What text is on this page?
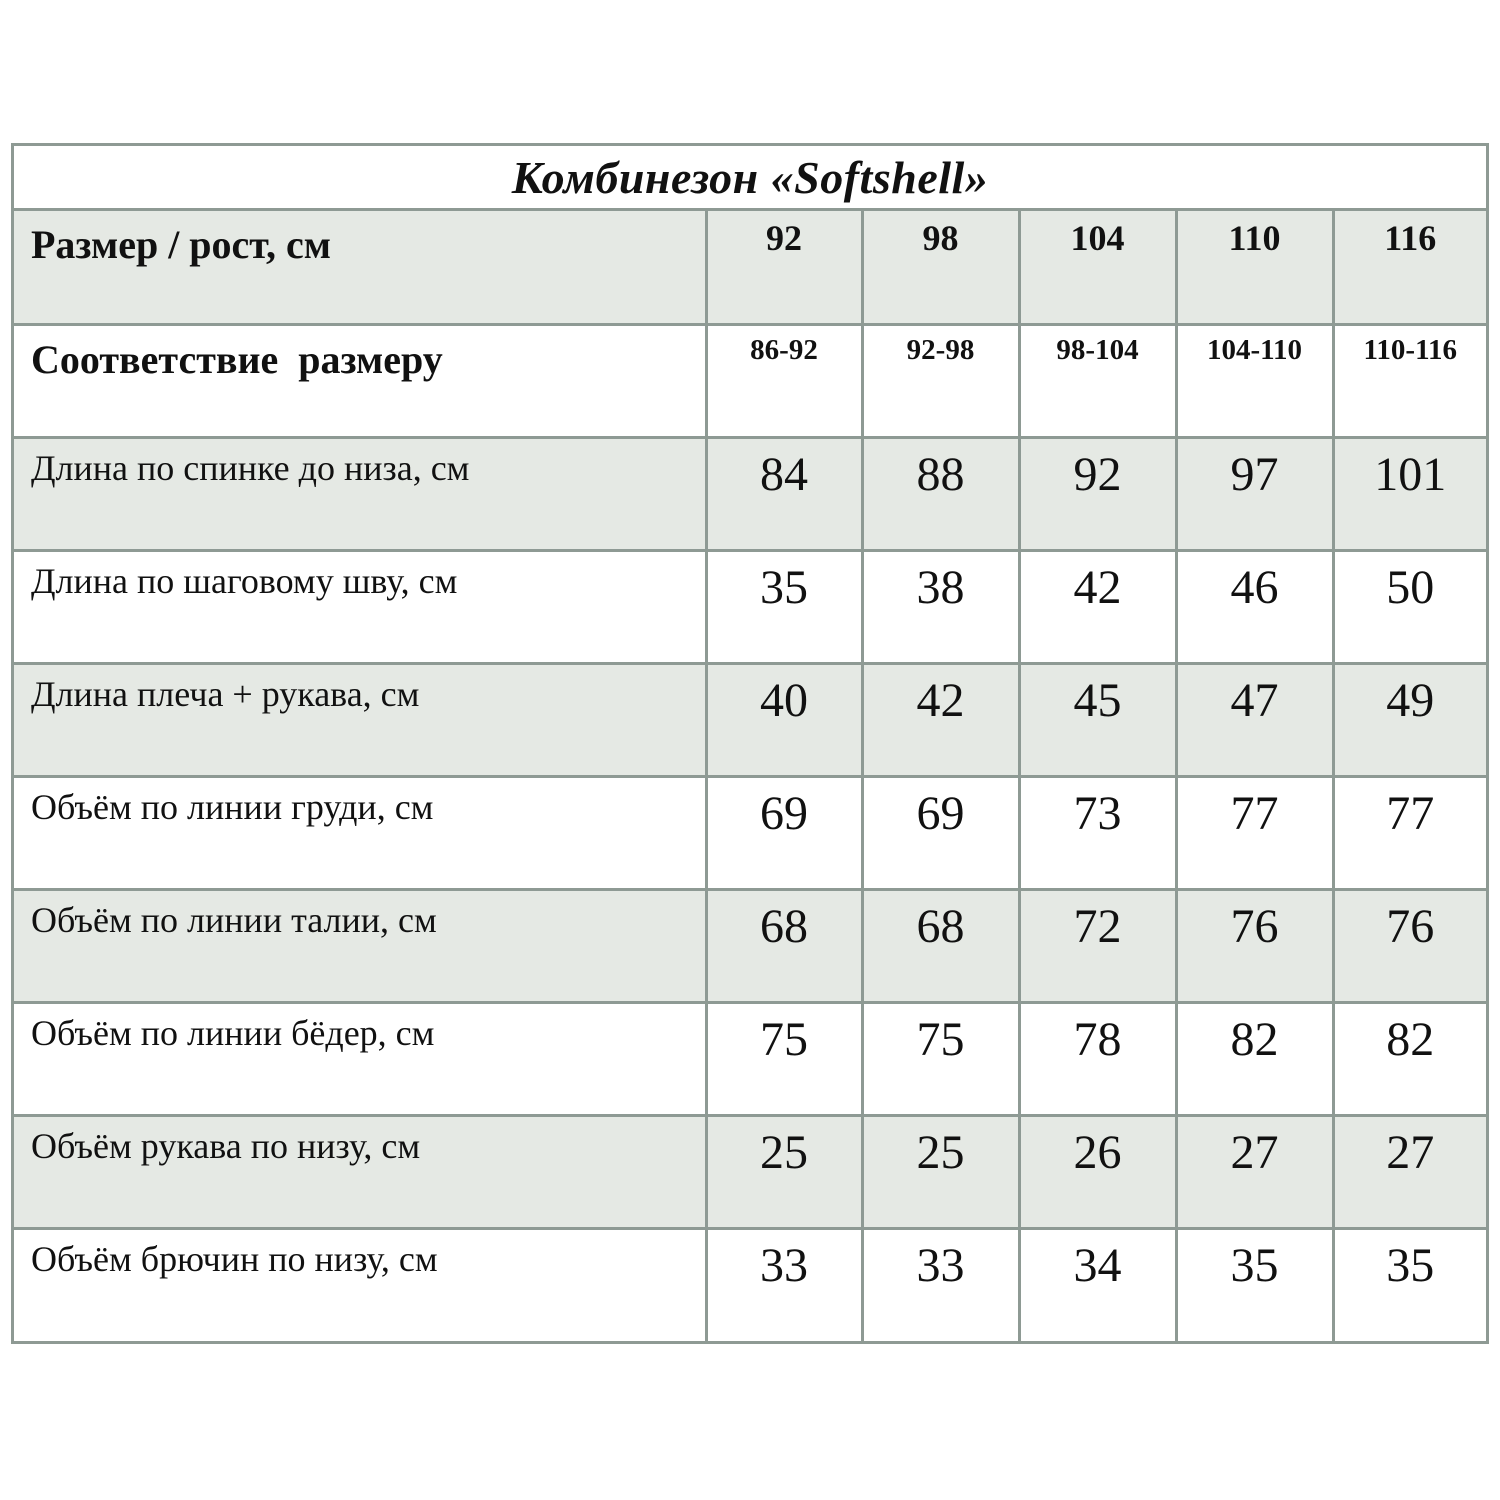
Комбинезон «Softshell»
Размер / рост, см	92	98	104	110	116

Соответствие  размеру	86-92	92-98	98-104	104-110	110-116

Длина по спинке до низа, см	84	88	92	97	101

Длина по шаговому шву, см	35	38	42	46	50

Длина плеча + рукава, см	40	42	45	47	49

Объём по линии груди, см	69	69	73	77	77

Объём по линии талии, см	68	68	72	76	76

Объём по линии бёдер, см	75	75	78	82	82

Объём рукава по низу, см	25	25	26	27	27

Объём брючин по низу, см	33	33	34	35	35
